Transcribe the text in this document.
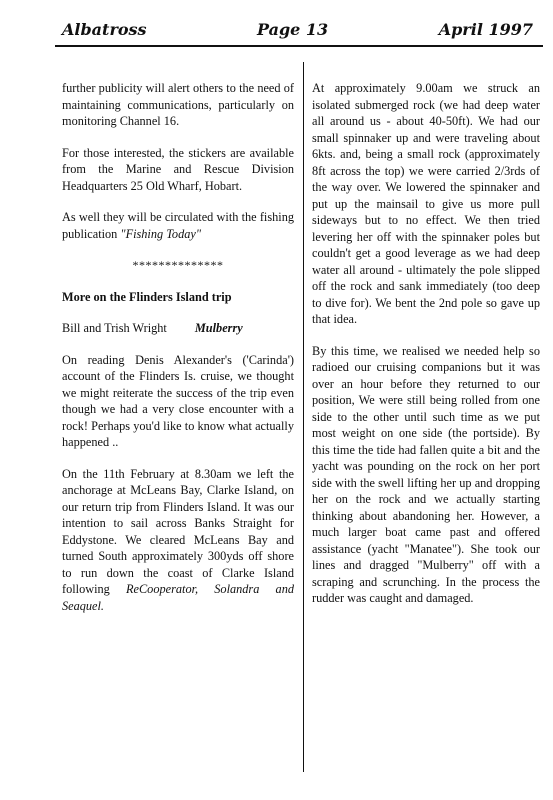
Albatross	Page 13	April 1997

further publicity will alert others to the need of maintaining communications, particularly on monitoring Channel 16.

For those interested, the stickers are available from the Marine and Rescue Division Headquarters 25 Old Wharf, Hobart.

As well they will be circulated with the fishing publication "Fishing Today"

**************

More on the Flinders Island trip

Bill and Trish Wright Mulberry

On reading Denis Alexander's ('Carinda') account of the Flinders Is. cruise, we thought we might reiterate the success of the trip even though we had a very close encounter with a rock! Perhaps you'd like to know what actually happened ..

On the 11th February at 8.30am we left the anchorage at McLeans Bay, Clarke Island, on our return trip from Flinders Island. It was our intention to sail across Banks Straight for Eddystone. We cleared McLeans Bay and turned South approximately 300yds off shore to run down the coast of Clarke Island following ReCooperator, Solandra and Seaquel.

At approximately 9.00am we struck an isolated submerged rock (we had deep water all around us - about 40-50ft). We had our small spinnaker up and were traveling about 6kts. and, being a small rock (approximately 8ft across the top) we were carried 2/3rds of the way over. We lowered the spinnaker and put up the mainsail to give us more pull sideways but to no effect. We then tried levering her off with the spinnaker poles but couldn't get a good leverage as we had deep water all around - ultimately the pole slipped off the rock and sank immediately (too deep to dive for). We bent the 2nd pole so gave up that idea.

By this time, we realised we needed help so radioed our cruising companions but it was over an hour before they returned to our position, We were still being rolled from one side to the other until such time as we put most weight on one side (the portside). By this time the tide had fallen quite a bit and the yacht was pounding on the rock on her port side with the swell lifting her up and dropping her on the rock and we actually starting thinking about abandoning her. However, a much larger boat came past and offered assistance (yacht "Manatee"). She took our lines and dragged "Mulberry" off with a scraping and scrunching. In the process the rudder was caught and damaged.
